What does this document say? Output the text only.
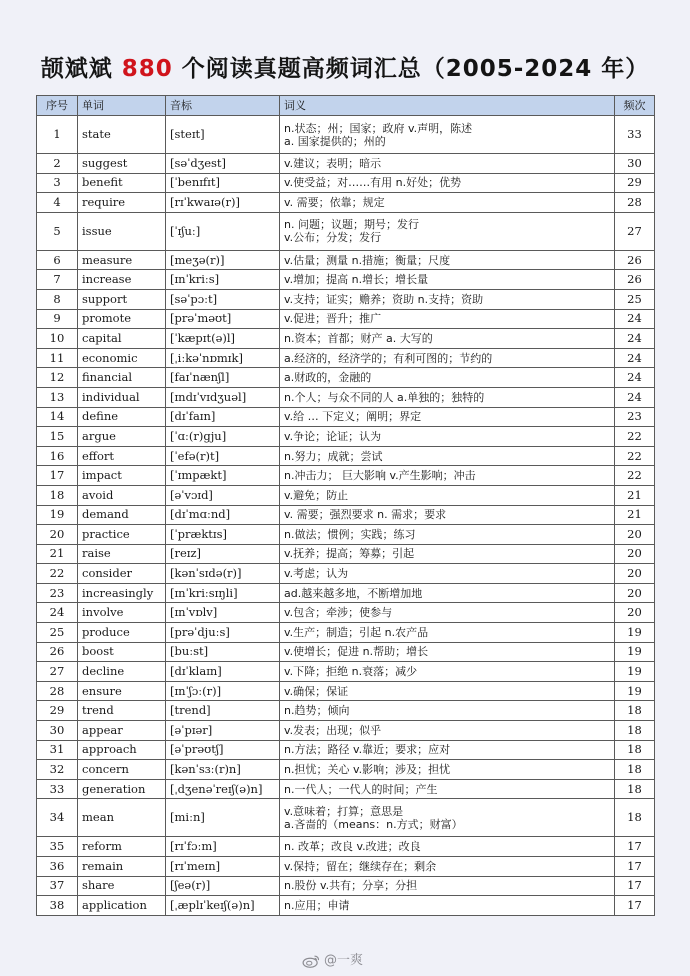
颉斌斌 880 个阅读真题高频词汇总（2005-2024 年）
序号	单词	音标	词义	频次
1	state	[steɪt]	n.状态；州；国家；政府 v.声明，陈述
a. 国家提供的；州的	33
2	suggest	[səˈdʒest]	v.建议；表明；暗示	30
3	benefit	[ˈbenɪfɪt]	v.使受益；对……有用 n.好处；优势	29
4	require	[rɪˈkwaɪə(r)]	v. 需要；依靠；规定	28
5	issue	[ˈɪʃuː]	n. 问题；议题；期号；发行
v.公布；分发；发行	27
6	measure	[meʒə(r)]	v.估量；测量 n.措施；衡量；尺度	26
7	increase	[ɪnˈkriːs]	v.增加；提高 n.增长；增长量	26
8	support	[səˈpɔːt]	v.支持；证实；赡养；资助 n.支持；资助	25
9	promote	[prəˈməʊt]	v.促进；晋升；推广	24
10	capital	[ˈkæpɪt(ə)l]	n.资本；首都；财产 a. 大写的	24
11	economic	[ˌiːkəˈnɒmɪk]	a.经济的，经济学的；有利可图的；节约的	24
12	financial	[faɪˈnænʃl]	a.财政的，金融的	24
13	individual	[ɪndɪˈvɪdʒuəl]	n.个人；与众不同的人 a.单独的；独特的	24
14	define	[dɪˈfaɪn]	v.给 … 下定义；阐明；界定	23
15	argue	[ˈɑː(r)gju]	v.争论；论证；认为	22
16	effort	[ˈefə(r)t]	n.努力；成就；尝试	22
17	impact	[ˈɪmpækt]	n.冲击力； 巨大影响 v.产生影响；冲击	22
18	avoid	[əˈvɔɪd]	v.避免；防止	21
19	demand	[dɪˈmɑːnd]	v. 需要；强烈要求 n. 需求；要求	21
20	practice	[ˈpræktɪs]	n.做法；惯例；实践；练习	20
21	raise	[reɪz]	v.抚养；提高；筹募；引起	20
22	consider	[kənˈsɪdə(r)]	v.考虑；认为	20
23	increasingly	[ɪnˈkriːsɪŋli]	ad.越来越多地，不断增加地	20
24	involve	[ɪnˈvɒlv]	v.包含；牵涉；使参与	20
25	produce	[prəˈdjuːs]	v.生产；制造；引起 n.农产品	19
26	boost	[buːst]	v.使增长；促进 n.帮助；增长	19
27	decline	[dɪˈklaɪn]	v.下降；拒绝 n.衰落；减少	19
28	ensure	[ɪnˈʃɔː(r)]	v.确保；保证	19
29	trend	[trend]	n.趋势；倾向	18
30	appear	[əˈpɪər]	v.发表；出现；似乎	18
31	approach	[əˈprəʊtʃ]	n.方法；路径 v.靠近；要求；应对	18
32	concern	[kənˈsɜː(r)n]	n.担忧；关心 v.影响；涉及；担忧	18
33	generation	[ˌdʒenəˈreɪʃ(ə)n]	n.一代人；一代人的时间；产生	18
34	mean	[miːn]	v.意味着；打算；意思是
a.吝啬的（means：n.方式；财富）	18
35	reform	[rɪˈfɔːm]	n. 改革；改良 v.改进；改良	17
36	remain	[rɪˈmeɪn]	v.保持；留在；继续存在；剩余	17
37	share	[ʃeə(r)]	n.股份 v.共有；分享；分担	17
38	application	[ˌæplɪˈkeɪʃ(ə)n]	n.应用；申请	17
@一爽
